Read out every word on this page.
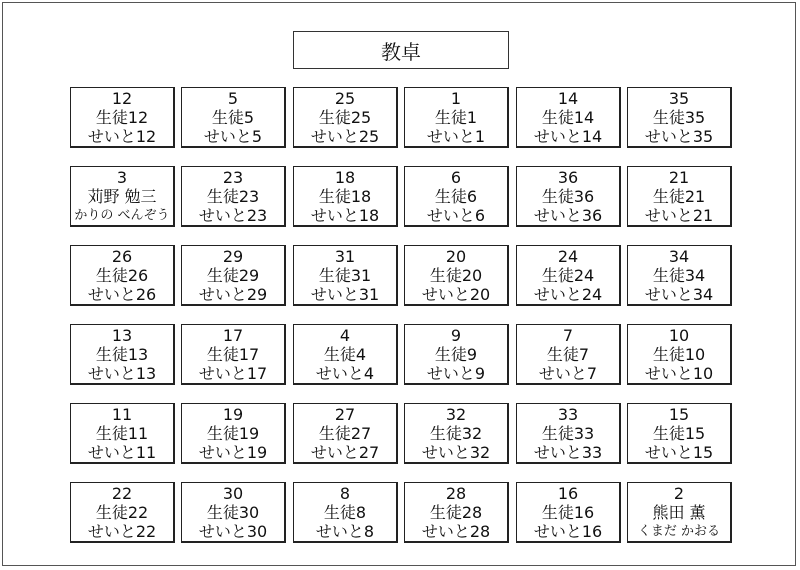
教卓
12
生徒12
せいと12
5
生徒5
せいと5
25
生徒25
せいと25
1
生徒1
せいと1
14
生徒14
せいと14
35
生徒35
せいと35
3
苅野 勉三
かりの べんぞう
23
生徒23
せいと23
18
生徒18
せいと18
6
生徒6
せいと6
36
生徒36
せいと36
21
生徒21
せいと21
26
生徒26
せいと26
29
生徒29
せいと29
31
生徒31
せいと31
20
生徒20
せいと20
24
生徒24
せいと24
34
生徒34
せいと34
13
生徒13
せいと13
17
生徒17
せいと17
4
生徒4
せいと4
9
生徒9
せいと9
7
生徒7
せいと7
10
生徒10
せいと10
11
生徒11
せいと11
19
生徒19
せいと19
27
生徒27
せいと27
32
生徒32
せいと32
33
生徒33
せいと33
15
生徒15
せいと15
22
生徒22
せいと22
30
生徒30
せいと30
8
生徒8
せいと8
28
生徒28
せいと28
16
生徒16
せいと16
2
熊田 薫
くまだ かおる
